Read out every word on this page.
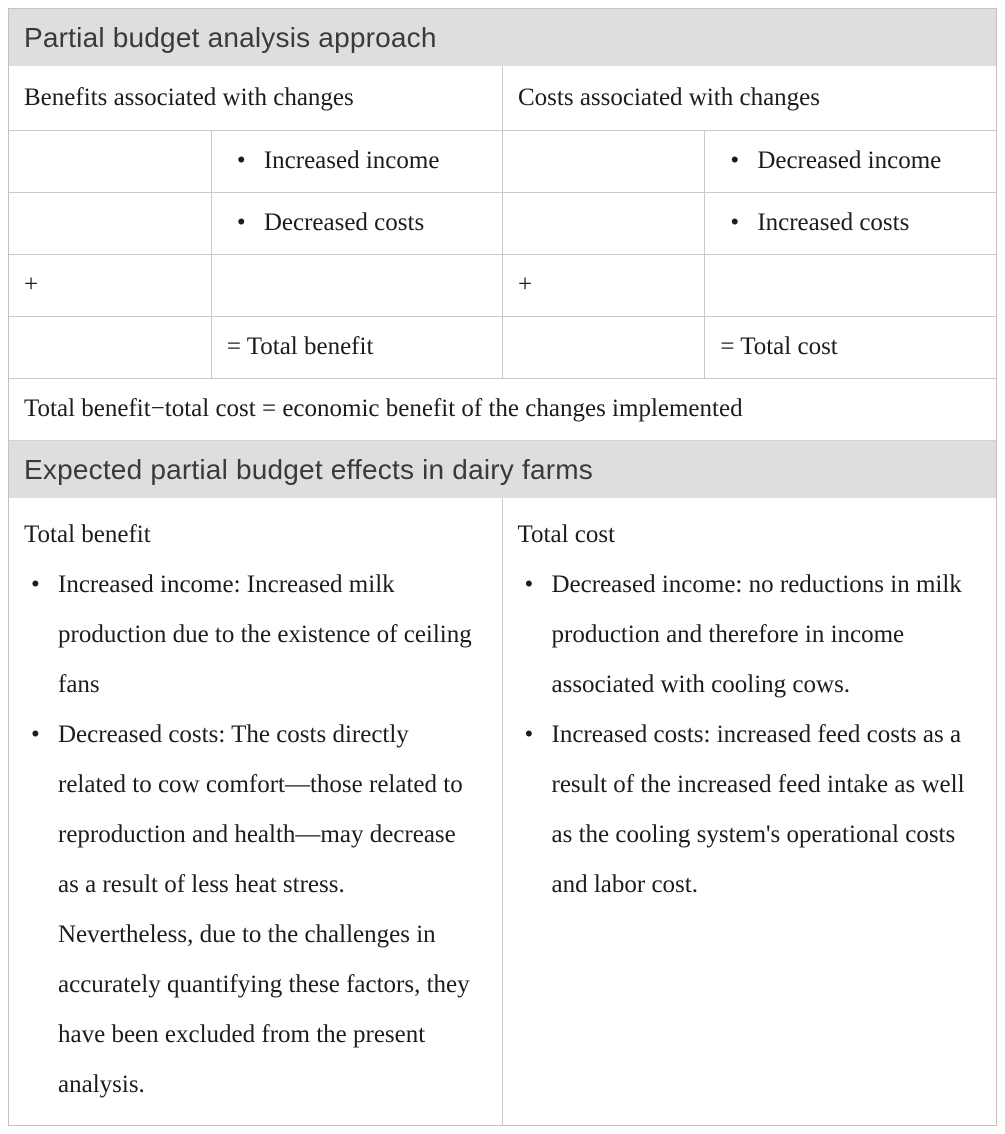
Partial budget analysis approach
Benefits associated with changes		Costs associated with changes	

	• Increased income		• Decreased income

	• Decreased costs		• Increased costs

+		+	
	= Total benefit		= Total cost
Total benefit−total cost = economic benefit of the changes implemented			
Expected partial budget effects in dairy farms
Total benefit
• Increased income: Increased milk production due to the existence of ceiling fans
• Decreased costs: The costs directly related to cow comfort—those related to reproduction and health—may decrease as a result of less heat stress. Nevertheless, due to the challenges in accurately quantifying these factors, they have been excluded from the present analysis.
Total cost
• Decreased income: no reductions in milk production and therefore in income associated with cooling cows.
• Increased costs: increased feed costs as a result of the increased feed intake as well as the cooling system's operational costs and labor cost.
